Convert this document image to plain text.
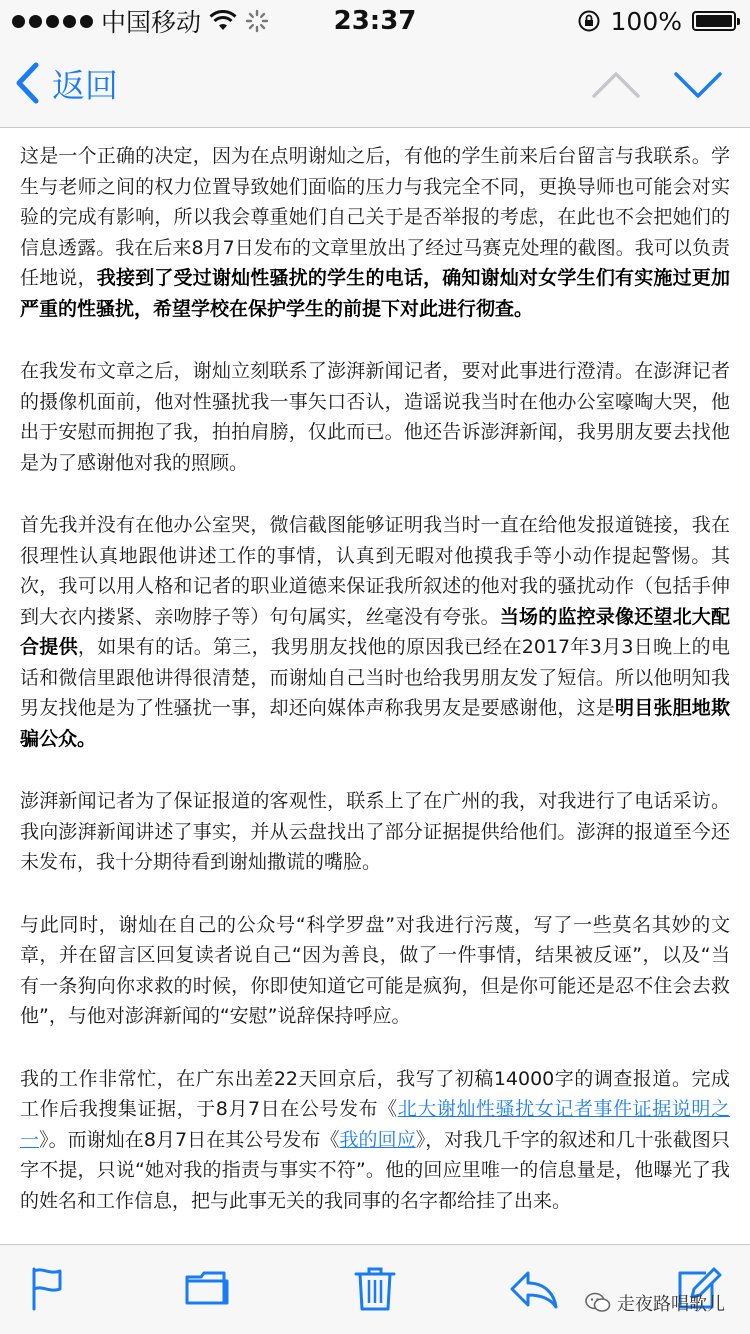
中国移动	23:37	100%
返回

这是一个正确的决定，因为在点明谢灿之后，有他的学生前来后台留言与我联系。学生与老师之间的权力位置导致她们面临的压力与我完全不同，更换导师也可能会对实验的完成有影响，所以我会尊重她们自己关于是否举报的考虑，在此也不会把她们的信息透露。我在后来8月7日发布的文章里放出了经过马赛克处理的截图。我可以负责任地说，我接到了受过谢灿性骚扰的学生的电话，确知谢灿对女学生们有实施过更加严重的性骚扰，希望学校在保护学生的前提下对此进行彻查。

在我发布文章之后，谢灿立刻联系了澎湃新闻记者，要对此事进行澄清。在澎湃记者的摄像机面前，他对性骚扰我一事矢口否认，造谣说我当时在他办公室嚎啕大哭，他出于安慰而拥抱了我，拍拍肩膀，仅此而已。他还告诉澎湃新闻，我男朋友要去找他是为了感谢他对我的照顾。

首先我并没有在他办公室哭，微信截图能够证明我当时一直在给他发报道链接，我在很理性认真地跟他讲述工作的事情，认真到无暇对他摸我手等小动作提起警惕。其次，我可以用人格和记者的职业道德来保证我所叙述的他对我的骚扰动作（包括手伸到大衣内搂紧、亲吻脖子等）句句属实，丝毫没有夸张。当场的监控录像还望北大配合提供，如果有的话。第三，我男朋友找他的原因我已经在2017年3月3日晚上的电话和微信里跟他讲得很清楚，而谢灿自己当时也给我男朋友发了短信。所以他明知我男友找他是为了性骚扰一事，却还向媒体声称我男友是要感谢他，这是明目张胆地欺骗公众。

澎湃新闻记者为了保证报道的客观性，联系上了在广州的我，对我进行了电话采访。我向澎湃新闻讲述了事实，并从云盘找出了部分证据提供给他们。澎湃的报道至今还未发布，我十分期待看到谢灿撒谎的嘴脸。

与此同时，谢灿在自己的公众号“科学罗盘”对我进行污蔑，写了一些莫名其妙的文章，并在留言区回复读者说自己“因为善良，做了一件事情，结果被反诬”，以及“当有一条狗向你求救的时候，你即使知道它可能是疯狗，但是你可能还是忍不住会去救他”，与他对澎湃新闻的“安慰”说辞保持呼应。

我的工作非常忙，在广东出差22天回京后，我写了初稿14000字的调查报道。完成工作后我搜集证据，于8月7日在公号发布《北大谢灿性骚扰女记者事件证据说明之一》。而谢灿在8月7日在其公号发布《我的回应》，对我几千字的叙述和几十张截图只字不提，只说“她对我的指责与事实不符”。他的回应里唯一的信息量是，他曝光了我的姓名和工作信息，把与此事无关的我同事的名字都给挂了出来。

走夜路唱歌儿
